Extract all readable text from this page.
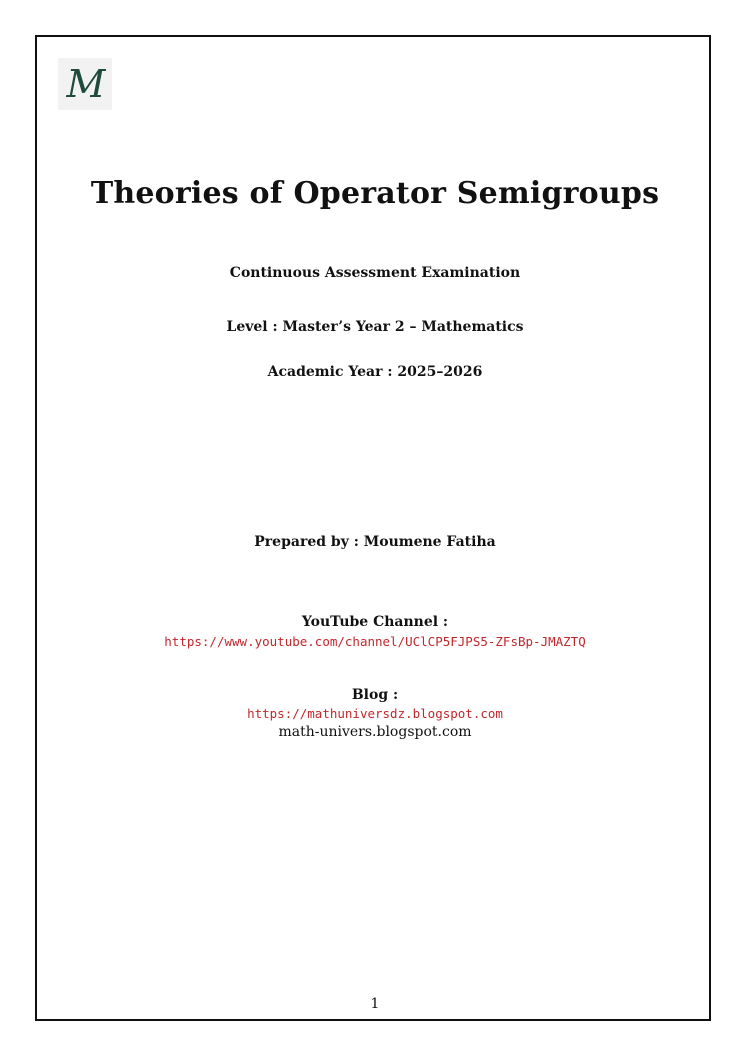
M
Theories of Operator Semigroups
Continuous Assessment Examination
Level : Master’s Year 2 – Mathematics
Academic Year : 2025–2026
Prepared by : Moumene Fatiha
YouTube Channel :
https://www.youtube.com/channel/UClCP5FJPS5-ZFsBp-JMAZTQ
Blog :
https://mathuniversdz.blogspot.com
math-univers.blogspot.com
1
